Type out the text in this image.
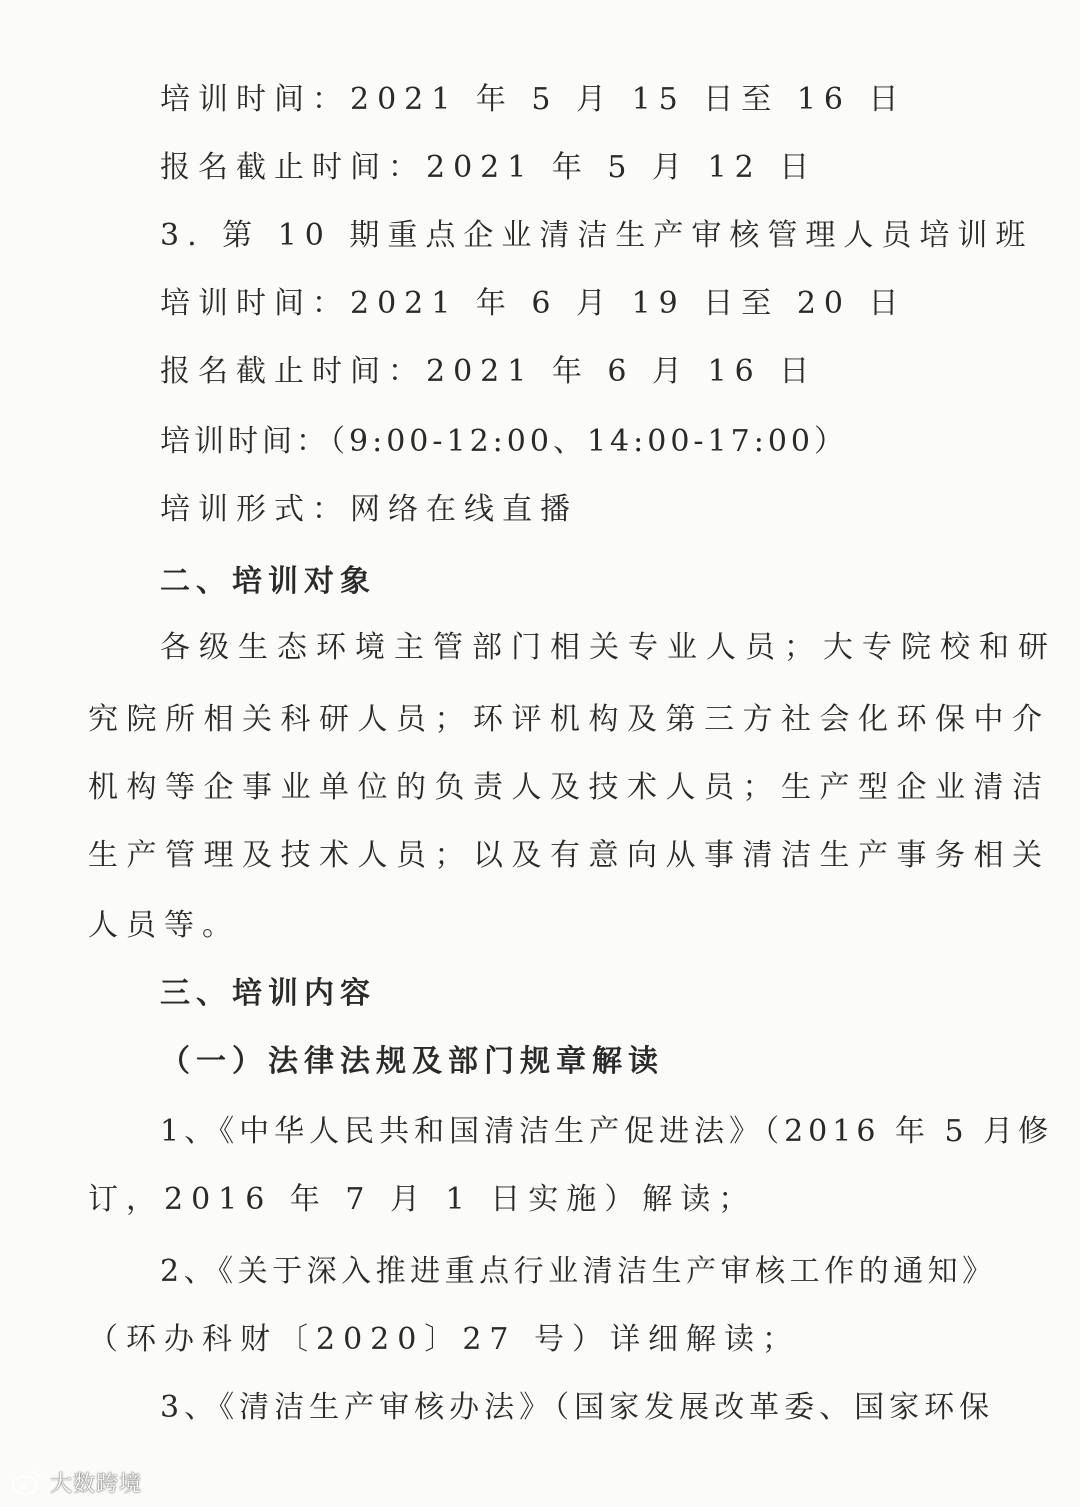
培训时间：2021 年 5 月 15 日至 16 日
报名截止时间：2021 年 5 月 12 日
3. 第 10 期重点企业清洁生产审核管理人员培训班
培训时间：2021 年 6 月 19 日至 20 日
报名截止时间：2021 年 6 月 16 日
培训时间：（9:00-12:00、14:00-17:00）
培训形式：网络在线直播
二、培训对象
各级生态环境主管部门相关专业人员；大专院校和研
究院所相关科研人员；环评机构及第三方社会化环保中介
机构等企事业单位的负责人及技术人员；生产型企业清洁
生产管理及技术人员；以及有意向从事清洁生产事务相关
人员等。
三、培训内容
（一）法律法规及部门规章解读
1、《中华人民共和国清洁生产促进法》（2016 年 5 月修
订，2016 年 7 月 1 日实施）解读；
2、《关于深入推进重点行业清洁生产审核工作的通知》
（环办科财〔2020〕27 号）详细解读；
3、《清洁生产审核办法》（国家发展改革委、国家环保
大数跨境
